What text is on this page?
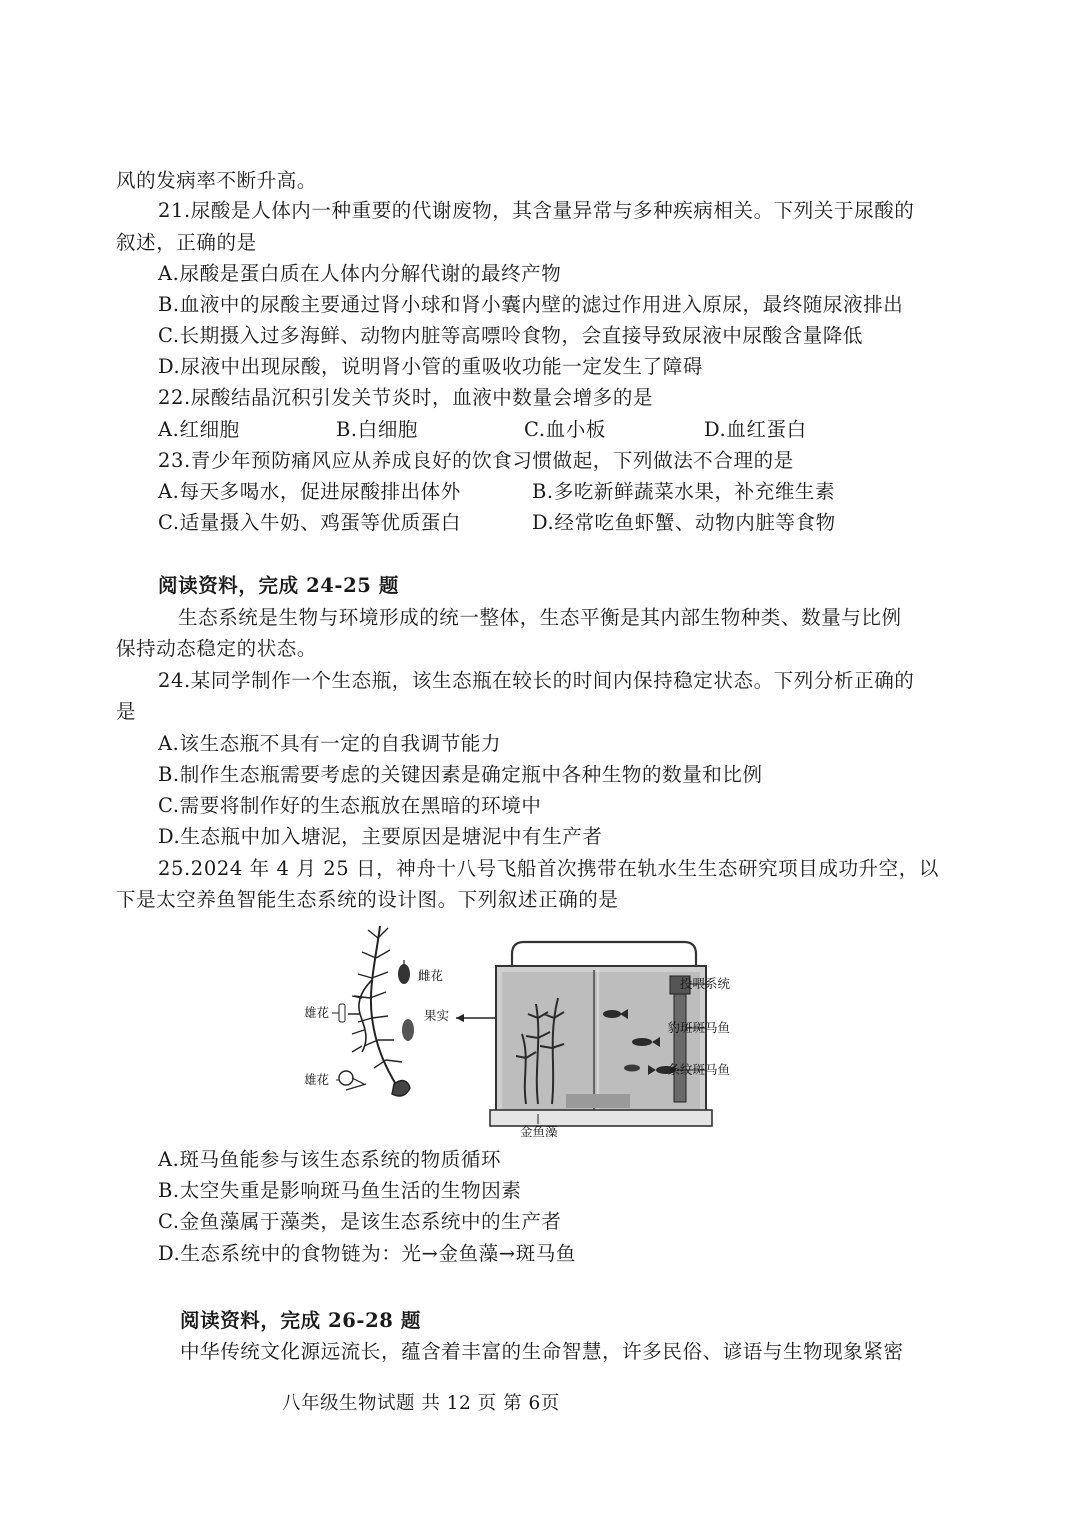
风的发病率不断升高。
21.尿酸是人体内一种重要的代谢废物，其含量异常与多种疾病相关。下列关于尿酸的
叙述，正确的是
A.尿酸是蛋白质在人体内分解代谢的最终产物
B.血液中的尿酸主要通过肾小球和肾小囊内壁的滤过作用进入原尿，最终随尿液排出
C.长期摄入过多海鲜、动物内脏等高嘌呤食物，会直接导致尿液中尿酸含量降低
D.尿液中出现尿酸，说明肾小管的重吸收功能一定发生了障碍
22.尿酸结晶沉积引发关节炎时，血液中数量会增多的是
A.红细胞	B.白细胞	C.血小板	D.血红蛋白
23.青少年预防痛风应从养成良好的饮食习惯做起，下列做法不合理的是
A.每天多喝水，促进尿酸排出体外	B.多吃新鲜蔬菜水果，补充维生素
C.适量摄入牛奶、鸡蛋等优质蛋白	D.经常吃鱼虾蟹、动物内脏等食物
阅读资料，完成 24-25 题
生态系统是生物与环境形成的统一整体，生态平衡是其内部生物种类、数量与比例
保持动态稳定的状态。
24.某同学制作一个生态瓶，该生态瓶在较长的时间内保持稳定状态。下列分析正确的
是
A.该生态瓶不具有一定的自我调节能力
B.制作生态瓶需要考虑的关键因素是确定瓶中各种生物的数量和比例
C.需要将制作好的生态瓶放在黑暗的环境中
D.生态瓶中加入塘泥，主要原因是塘泥中有生产者
25.2024 年 4 月 25 日，神舟十八号飞船首次携带在轨水生生态研究项目成功升空，以
下是太空养鱼智能生态系统的设计图。下列叙述正确的是
雌花
雄花	果实
雄花
投喂系统
豹斑斑马鱼
条纹斑马鱼
金鱼藻
A.斑马鱼能参与该生态系统的物质循环
B.太空失重是影响斑马鱼生活的生物因素
C.金鱼藻属于藻类，是该生态系统中的生产者
D.生态系统中的食物链为：光→金鱼藻→斑马鱼
阅读资料，完成 26-28 题
中华传统文化源远流长，蕴含着丰富的生命智慧，许多民俗、谚语与生物现象紧密
八年级生物试题 共 12 页 第 6页
